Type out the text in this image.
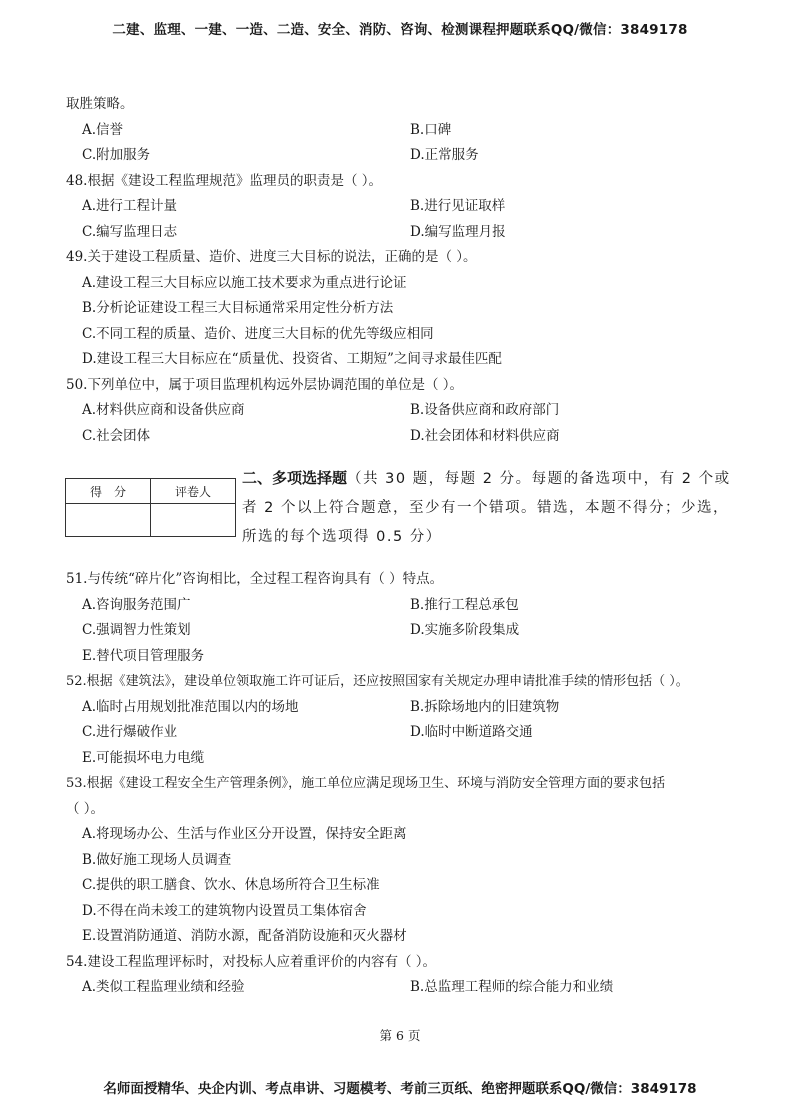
二建、监理、一建、一造、二造、安全、消防、咨询、检测课程押题联系QQ/微信：3849178
取胜策略。
A.信誉	B.口碑
C.附加服务	D.正常服务
48.根据《建设工程监理规范》监理员的职责是（ ）。
A.进行工程计量	B.进行见证取样
C.编写监理日志	D.编写监理月报
49.关于建设工程质量、造价、进度三大目标的说法，正确的是（ ）。
A.建设工程三大目标应以施工技术要求为重点进行论证
B.分析论证建设工程三大目标通常采用定性分析方法
C.不同工程的质量、造价、进度三大目标的优先等级应相同
D.建设工程三大目标应在“质量优、投资省、工期短”之间寻求最佳匹配
50.下列单位中，属于项目监理机构远外层协调范围的单位是（ ）。
A.材料供应商和设备供应商	B.设备供应商和政府部门
C.社会团体	D.社会团体和材料供应商
得　分	评卷人

二、多项选择题（共 30 题，每题 2 分。每题的备选项中，有 2 个或
者 2 个以上符合题意，至少有一个错项。错选，本题不得分；少选，
所选的每个选项得 0.5 分）
51.与传统“碎片化”咨询相比，全过程工程咨询具有（ ）特点。
A.咨询服务范围广	B.推行工程总承包
C.强调智力性策划	D.实施多阶段集成
E.替代项目管理服务
52.根据《建筑法》，建设单位领取施工许可证后，还应按照国家有关规定办理申请批准手续的情形包括（ ）。
A.临时占用规划批准范围以内的场地	B.拆除场地内的旧建筑物
C.进行爆破作业	D.临时中断道路交通
E.可能损坏电力电缆
53.根据《建设工程安全生产管理条例》，施工单位应满足现场卫生、环境与消防安全管理方面的要求包括
（ ）。
A.将现场办公、生活与作业区分开设置，保持安全距离
B.做好施工现场人员调查
C.提供的职工膳食、饮水、休息场所符合卫生标准
D.不得在尚未竣工的建筑物内设置员工集体宿舍
E.设置消防通道、消防水源，配备消防设施和灭火器材
54.建设工程监理评标时，对投标人应着重评价的内容有（ ）。
A.类似工程监理业绩和经验	B.总监理工程师的综合能力和业绩
第 6 页
名师面授精华、央企内训、考点串讲、习题模考、考前三页纸、绝密押题联系QQ/微信：3849178
